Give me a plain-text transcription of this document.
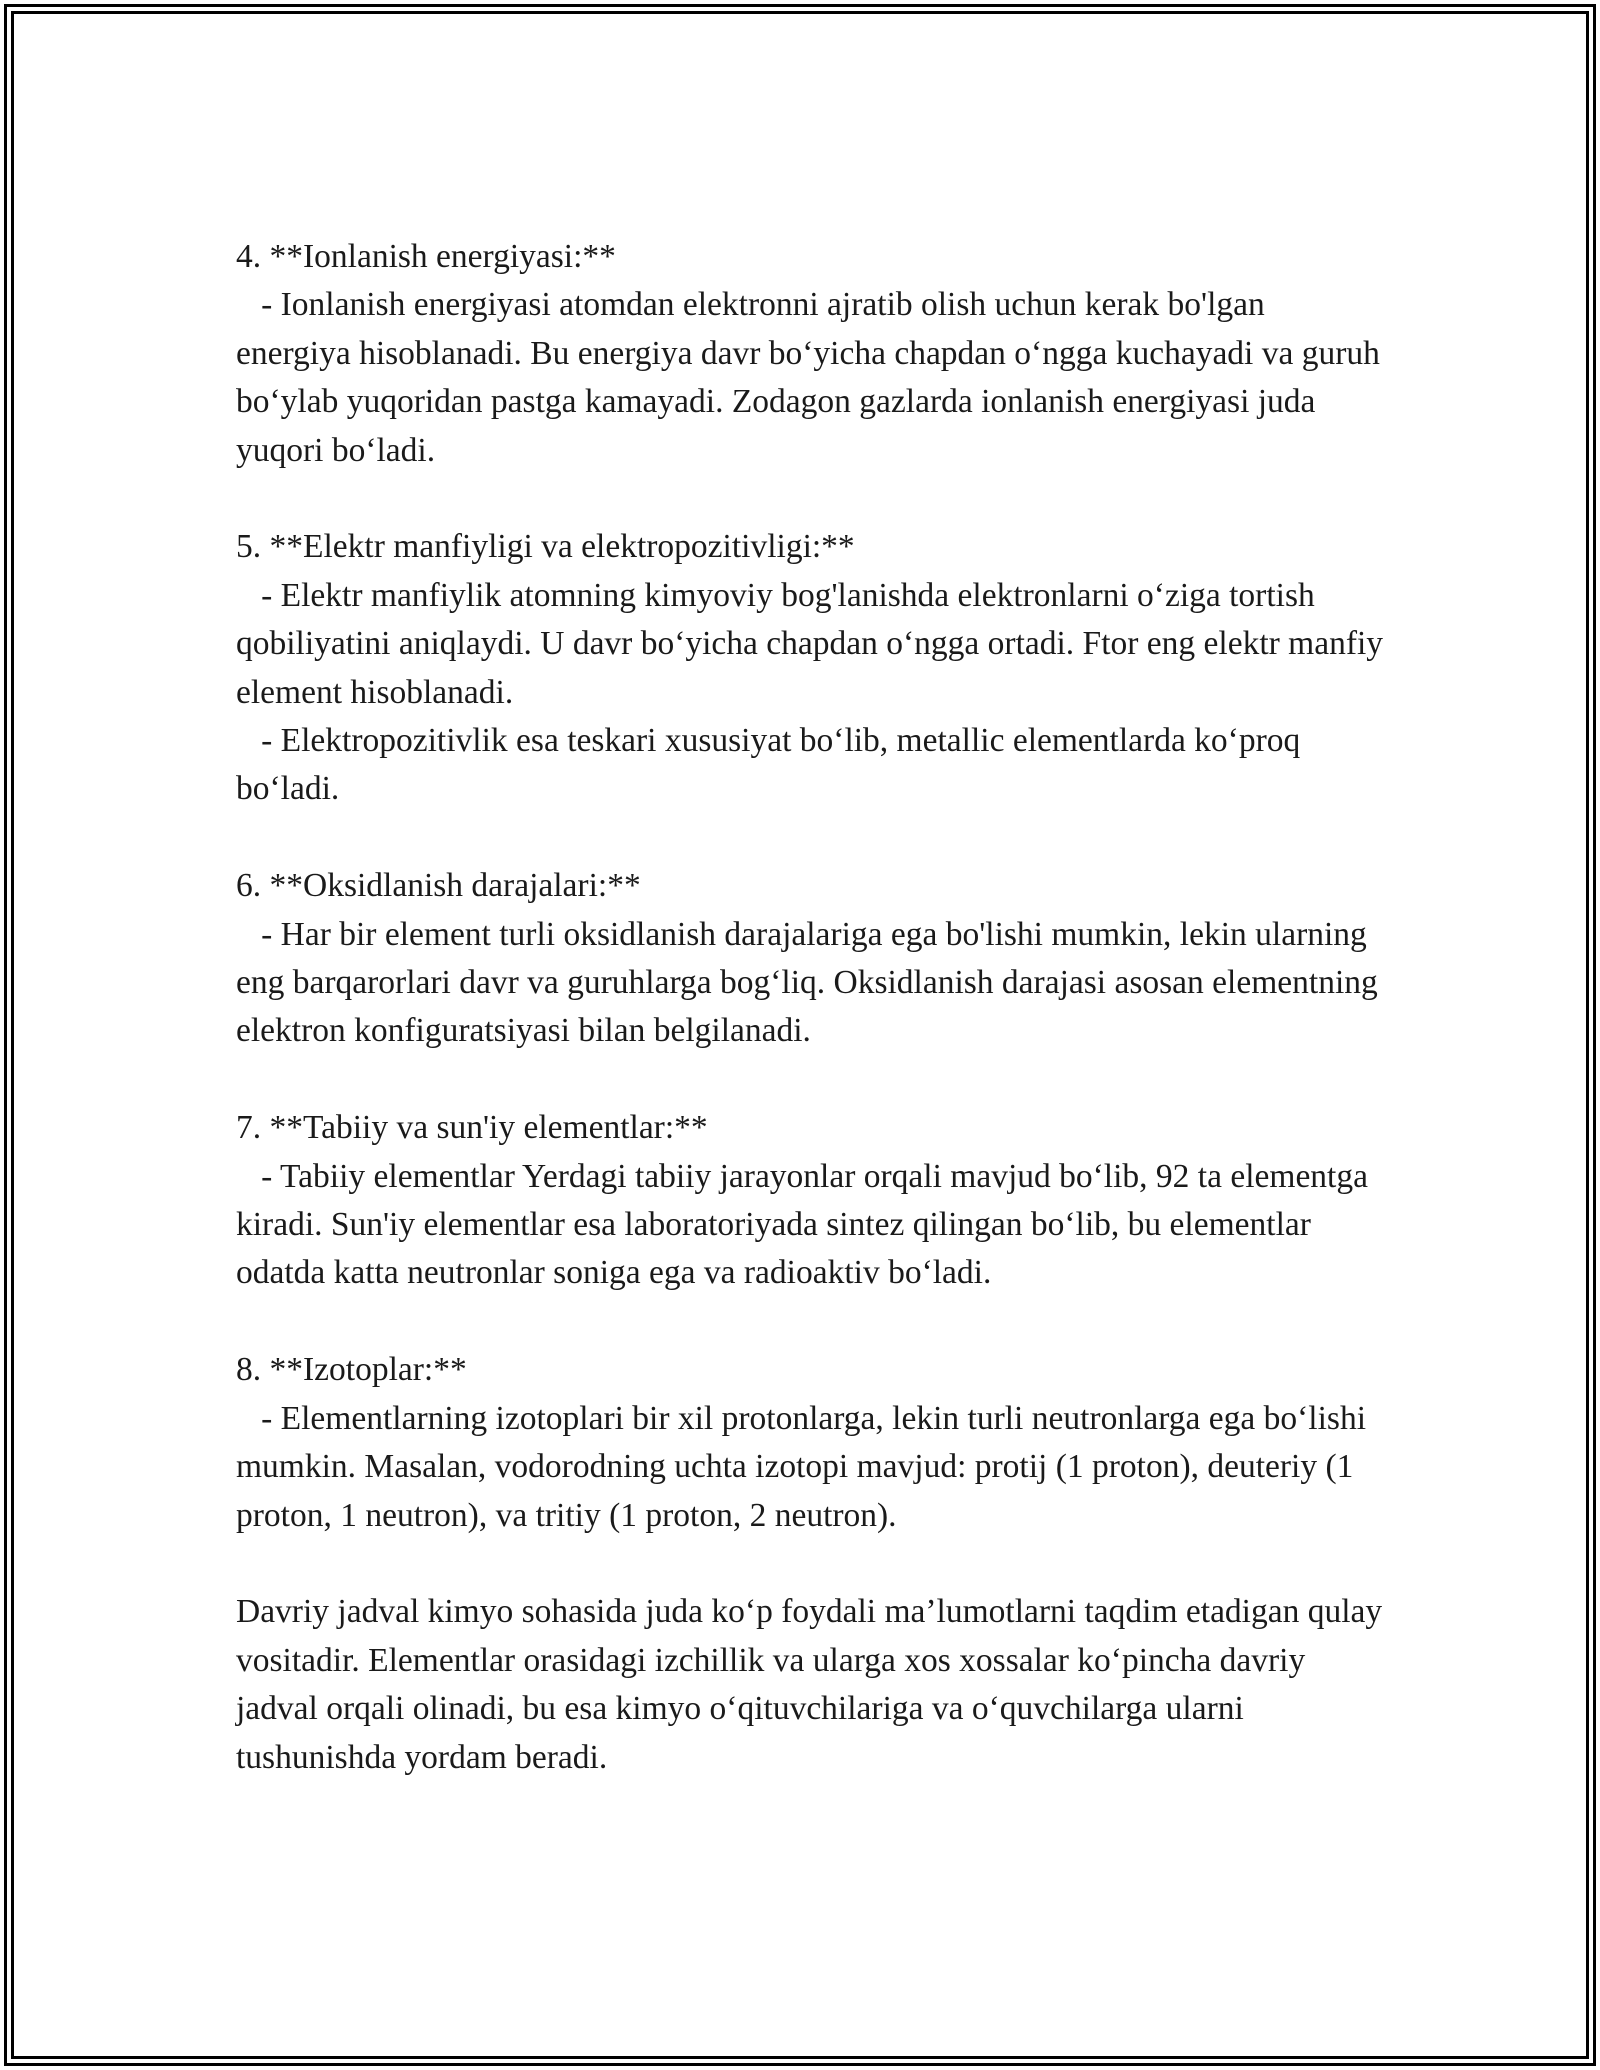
4. **Ionlanish energiyasi:**

- Ionlanish energiyasi atomdan elektronni ajratib olish uchun kerak bo'lgan energiya hisoblanadi. Bu energiya davr bo‘yicha chapdan o‘ngga kuchayadi va guruh bo‘ylab yuqoridan pastga kamayadi. Zodagon gazlarda ionlanish energiyasi juda yuqori bo‘ladi.

5. **Elektr manfiyligi va elektropozitivligi:**

- Elektr manfiylik atomning kimyoviy bog'lanishda elektronlarni o‘ziga tortish qobiliyatini aniqlaydi. U davr bo‘yicha chapdan o‘ngga ortadi. Ftor eng elektr manfiy element hisoblanadi.

- Elektropozitivlik esa teskari xususiyat bo‘lib, metallic elementlarda ko‘proq bo‘ladi.

6. **Oksidlanish darajalari:**

- Har bir element turli oksidlanish darajalariga ega bo'lishi mumkin, lekin ularning eng barqarorlari davr va guruhlarga bog‘liq. Oksidlanish darajasi asosan elementning elektron konfiguratsiyasi bilan belgilanadi.

7. **Tabiiy va sun'iy elementlar:**

- Tabiiy elementlar Yerdagi tabiiy jarayonlar orqali mavjud bo‘lib, 92 ta elementga kiradi. Sun'iy elementlar esa laboratoriyada sintez qilingan bo‘lib, bu elementlar odatda katta neutronlar soniga ega va radioaktiv bo‘ladi.

8. **Izotoplar:**

- Elementlarning izotoplari bir xil protonlarga, lekin turli neutronlarga ega bo‘lishi mumkin. Masalan, vodorodning uchta izotopi mavjud: protij (1 proton), deuteriy (1 proton, 1 neutron), va tritiy (1 proton, 2 neutron).

Davriy jadval kimyo sohasida juda ko‘p foydali ma’lumotlarni taqdim etadigan qulay vositadir. Elementlar orasidagi izchillik va ularga xos xossalar ko‘pincha davriy jadval orqali olinadi, bu esa kimyo o‘qituvchilariga va o‘quvchilarga ularni tushunishda yordam beradi.
